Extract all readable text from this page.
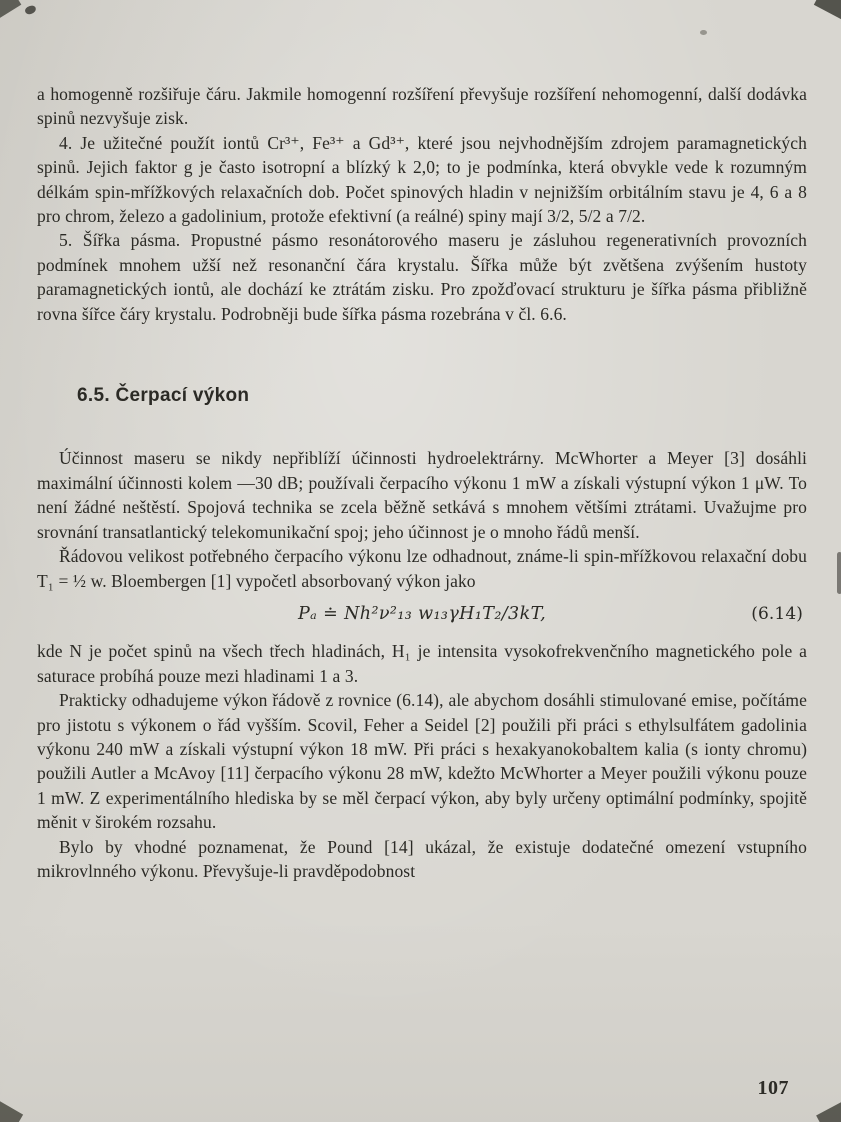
a homogenně rozšiřuje čáru. Jakmile homogenní rozšíření převyšuje rozšíření nehomogenní, další dodávka spinů nezvyšuje zisk.

4. Je užitečné použít iontů Cr³⁺, Fe³⁺ a Gd³⁺, které jsou nejvhodnějším zdrojem paramagnetických spinů. Jejich faktor g je často isotropní a blízký k 2,0; to je podmínka, která obvykle vede k rozumným délkám spin-mřížkových relaxačních dob. Počet spinových hladin v nejnižším orbitálním stavu je 4, 6 a 8 pro chrom, železo a gadolinium, protože efektivní (a reálné) spiny mají 3/2, 5/2 a 7/2.

5. Šířka pásma. Propustné pásmo resonátorového maseru je zásluhou regenerativních provozních podmínek mnohem užší než resonanční čára krystalu. Šířka může být zvětšena zvýšením hustoty paramagnetických iontů, ale dochází ke ztrátám zisku. Pro zpožďovací strukturu je šířka pásma přibližně rovna šířce čáry krystalu. Podrobněji bude šířka pásma rozebrána v čl. 6.6.

6.5. Čerpací výkon

Účinnost maseru se nikdy nepřiblíží účinnosti hydroelektrárny. McWhorter a Meyer [3] dosáhli maximální účinnosti kolem —30 dB; používali čerpacího výkonu 1 mW a získali výstupní výkon 1 μW. To není žádné neštěstí. Spojová technika se zcela běžně setkává s mnohem většími ztrátami. Uvažujme pro srovnání transatlantický telekomunikační spoj; jeho účinnost je o mnoho řádů menší.

Řádovou velikost potřebného čerpacího výkonu lze odhadnout, známe-li spin-mřížkovou relaxační dobu T₁ = ½ w. Bloembergen [1] vypočetl absorbovaný výkon jako

Pₐ ≐ Nh²ν²₁₃ w₁₃γH₁T₂/3kT,	(6.14)

kde N je počet spinů na všech třech hladinách, H₁ je intensita vysokofrekvenčního magnetického pole a saturace probíhá pouze mezi hladinami 1 a 3.

Prakticky odhadujeme výkon řádově z rovnice (6.14), ale abychom dosáhli stimulované emise, počítáme pro jistotu s výkonem o řád vyšším. Scovil, Feher a Seidel [2] použili při práci s ethylsulfátem gadolinia výkonu 240 mW a získali výstupní výkon 18 mW. Při práci s hexakyanokobaltem kalia (s ionty chromu) použili Autler a McAvoy [11] čerpacího výkonu 28 mW, kdežto McWhorter a Meyer použili výkonu pouze 1 mW. Z experimentálního hlediska by se měl čerpací výkon, aby byly určeny optimální podmínky, spojitě měnit v širokém rozsahu.

Bylo by vhodné poznamenat, že Pound [14] ukázal, že existuje dodatečné omezení vstupního mikrovlnného výkonu. Převyšuje-li pravděpodobnost

107
